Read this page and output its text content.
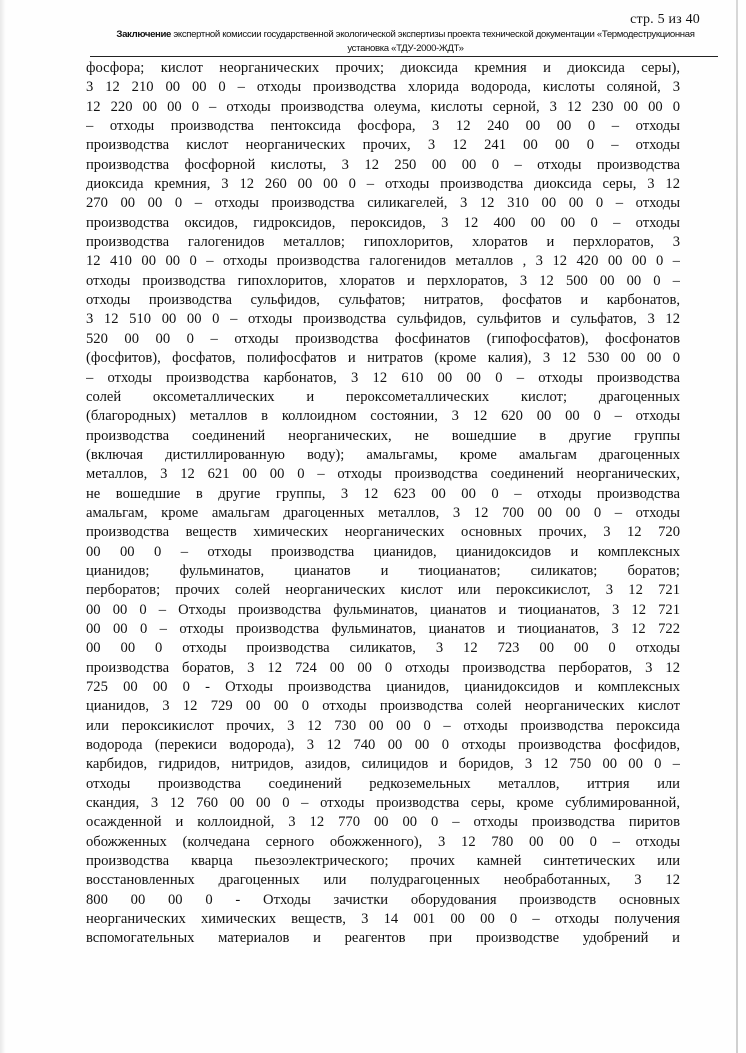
стр. 5 из 40
Заключение экспертной комиссии государственной экологической экспертизы проекта технической документации «Термодеструкционная
установка «ТДУ-2000-ЖДТ»
фосфора; кислот неорганических прочих; диоксида кремния и диоксида серы),
3 12 210 00 00 0 – отходы производства хлорида водорода, кислоты соляной, 3
12 220 00 00 0 – отходы производства олеума, кислоты серной, 3 12 230 00 00 0
– отходы производства пентоксида фосфора, 3 12 240 00 00 0 – отходы
производства кислот неорганических прочих, 3 12 241 00 00 0 – отходы
производства фосфорной кислоты, 3 12 250 00 00 0 – отходы производства
диоксида кремния, 3 12 260 00 00 0 – отходы производства диоксида серы, 3 12
270 00 00 0 – отходы производства силикагелей, 3 12 310 00 00 0 – отходы
производства оксидов, гидроксидов, пероксидов, 3 12 400 00 00 0 – отходы
производства галогенидов металлов; гипохлоритов, хлоратов и перхлоратов, 3
12 410 00 00 0 – отходы производства галогенидов металлов , 3 12 420 00 00 0 –
отходы производства гипохлоритов, хлоратов и перхлоратов, 3 12 500 00 00 0 –
отходы производства сульфидов, сульфатов; нитратов, фосфатов и карбонатов,
3 12 510 00 00 0 – отходы производства сульфидов, сульфитов и сульфатов, 3 12
520 00 00 0 – отходы производства фосфинатов (гипофосфатов), фосфонатов
(фосфитов), фосфатов, полифосфатов и нитратов (кроме калия), 3 12 530 00 00 0
– отходы производства карбонатов, 3 12 610 00 00 0 – отходы производства
солей оксометаллических и пероксометаллических кислот; драгоценных
(благородных) металлов в коллоидном состоянии, 3 12 620 00 00 0 – отходы
производства соединений неорганических, не вошедшие в другие группы
(включая дистиллированную воду); амальгамы, кроме амальгам драгоценных
металлов, 3 12 621 00 00 0 – отходы производства соединений неорганических,
не вошедшие в другие группы, 3 12 623 00 00 0 – отходы производства
амальгам, кроме амальгам драгоценных металлов, 3 12 700 00 00 0 – отходы
производства веществ химических неорганических основных прочих, 3 12 720
00 00 0 – отходы производства цианидов, цианидоксидов и комплексных
цианидов; фульминатов, цианатов и тиоцианатов; силикатов; боратов;
перборатов; прочих солей неорганических кислот или пероксикислот, 3 12 721
00 00 0 – Отходы производства фульминатов, цианатов и тиоцианатов, 3 12 721
00 00 0 – отходы производства фульминатов, цианатов и тиоцианатов, 3 12 722
00 00 0 отходы производства силикатов, 3 12 723 00 00 0 отходы
производства боратов, 3 12 724 00 00 0 отходы производства перборатов, 3 12
725 00 00 0 - Отходы производства цианидов, цианидоксидов и комплексных
цианидов, 3 12 729 00 00 0 отходы производства солей неорганических кислот
или пероксикислот прочих, 3 12 730 00 00 0 – отходы производства пероксида
водорода (перекиси водорода), 3 12 740 00 00 0 отходы производства фосфидов,
карбидов, гидридов, нитридов, азидов, силицидов и боридов, 3 12 750 00 00 0 –
отходы производства соединений редкоземельных металлов, иттрия или
скандия, 3 12 760 00 00 0 – отходы производства серы, кроме сублимированной,
осажденной и коллоидной, 3 12 770 00 00 0 – отходы производства пиритов
обожженных (колчедана серного обожженного), 3 12 780 00 00 0 – отходы
производства кварца пьезоэлектрического; прочих камней синтетических или
восстановленных драгоценных или полудрагоценных необработанных, 3 12
800 00 00 0 - Отходы зачистки оборудования производств основных
неорганических химических веществ, 3 14 001 00 00 0 – отходы получения
вспомогательных материалов и реагентов при производстве удобрений и
